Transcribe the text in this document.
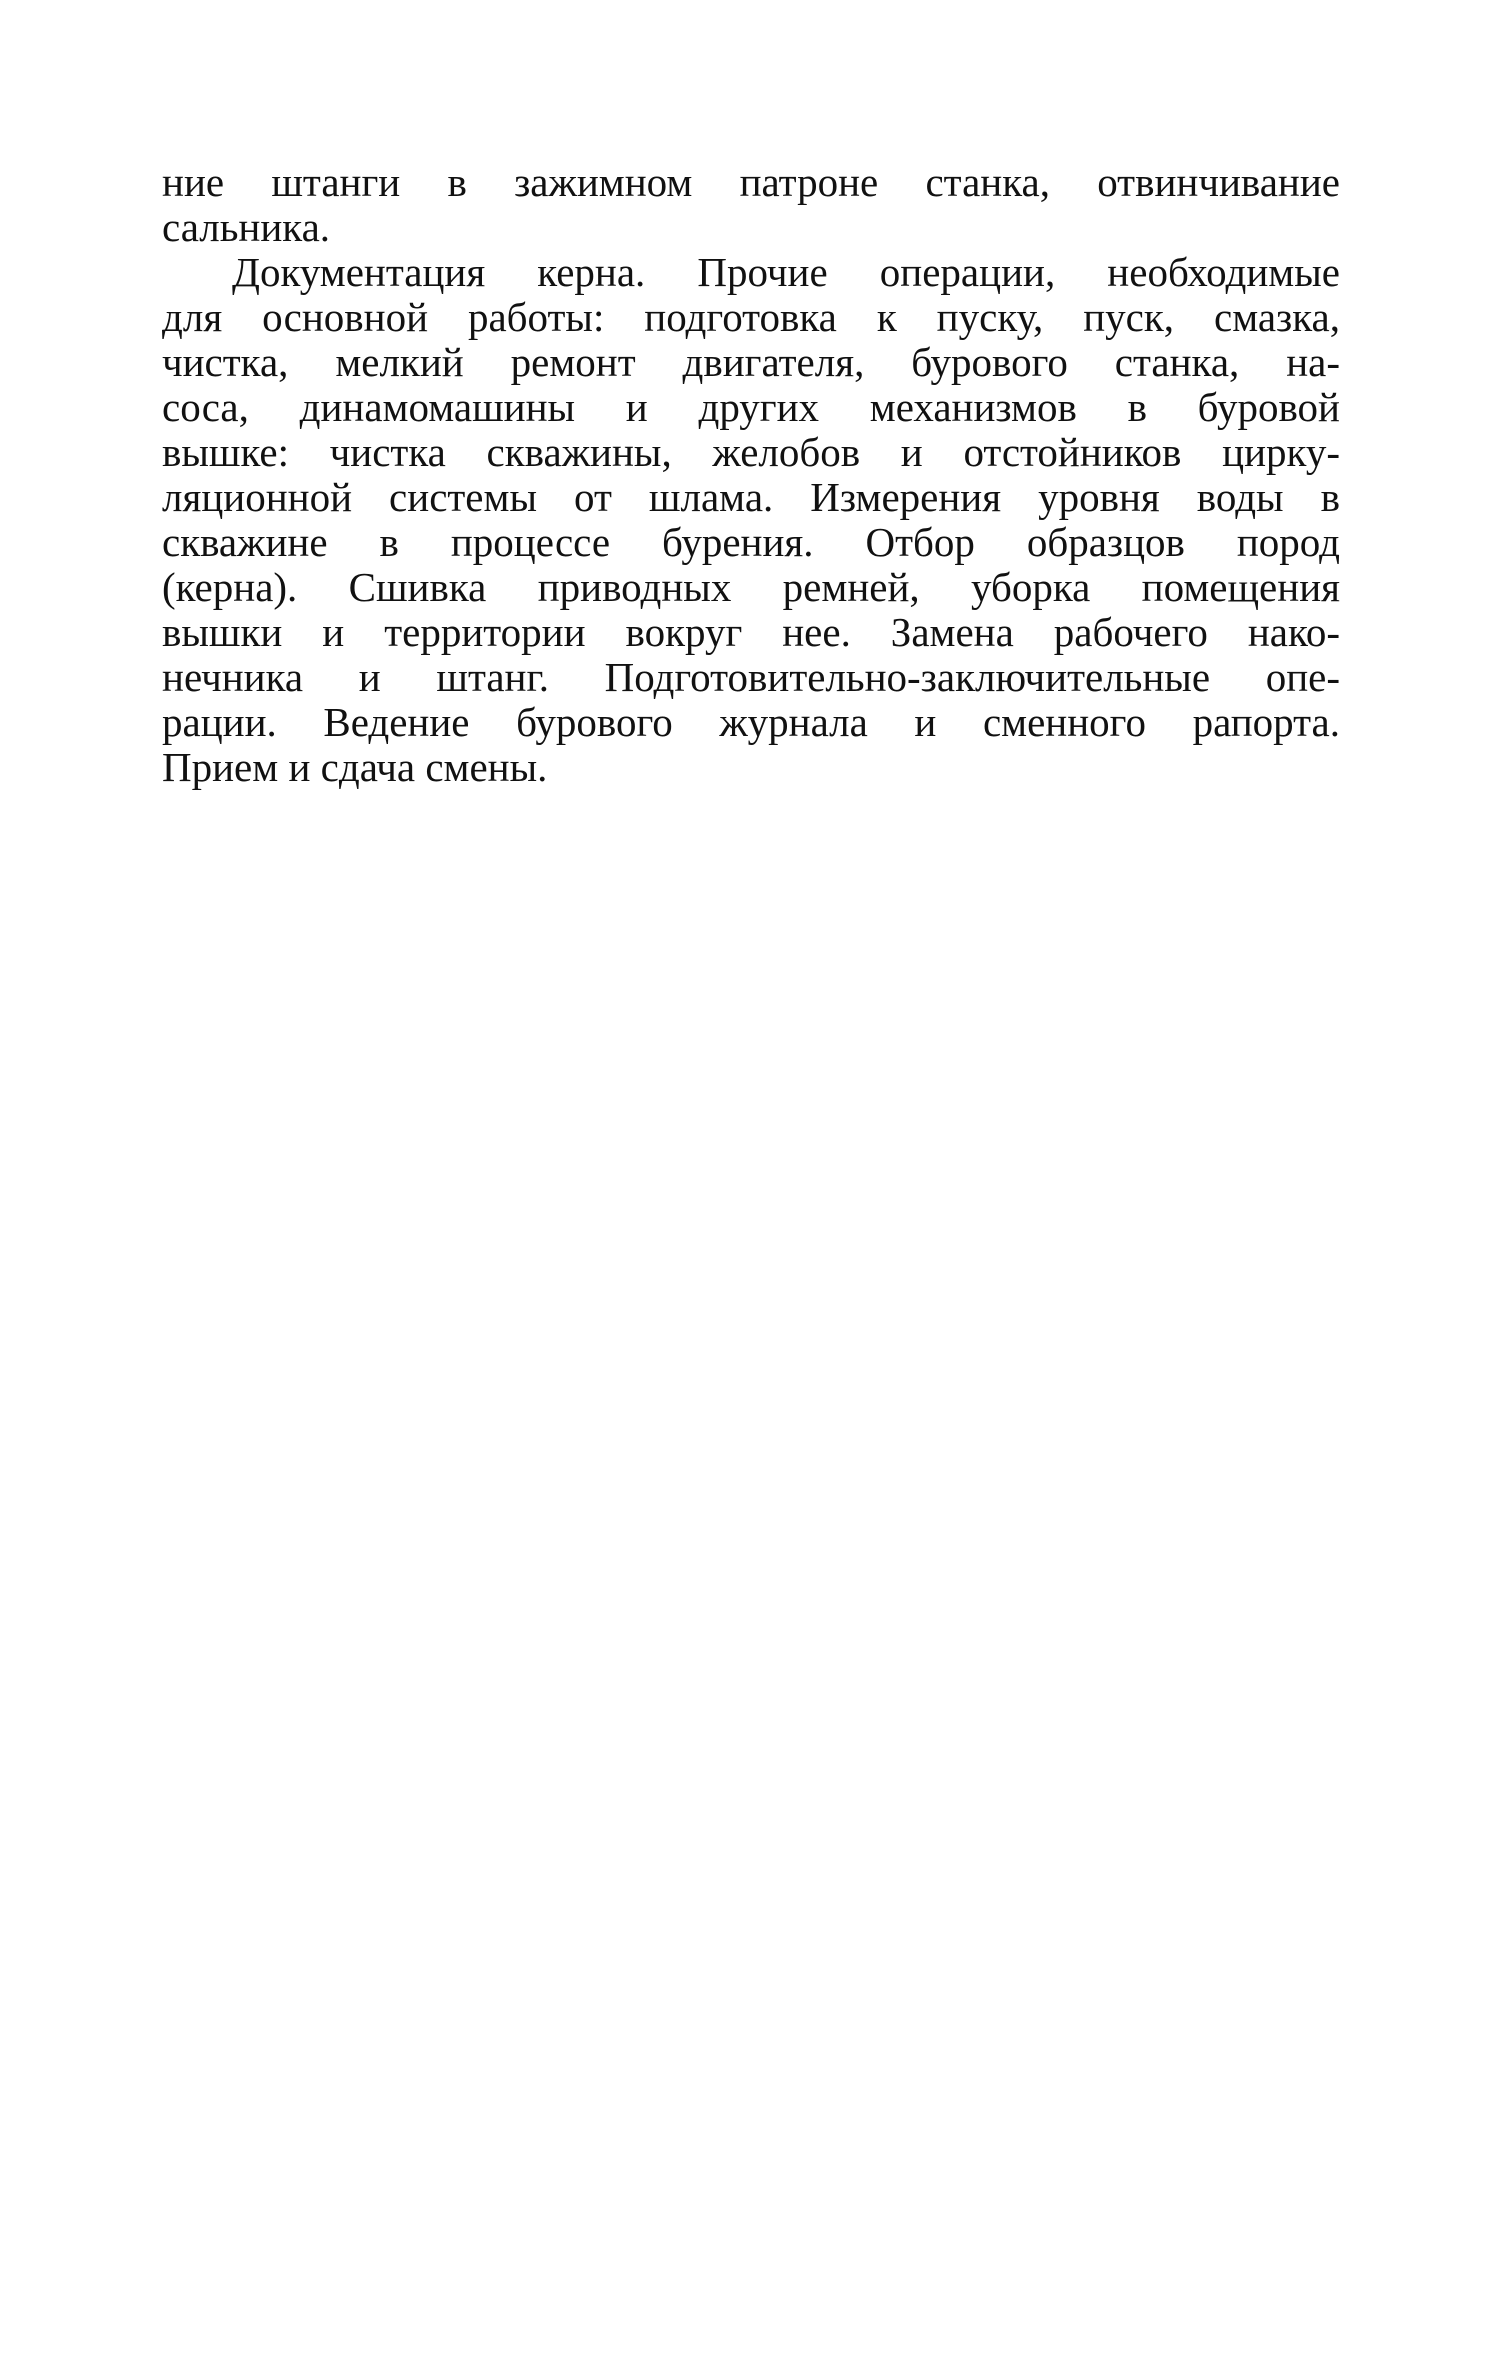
ние штанги в зажимном патроне станка, отвинчивание
сальника.
Документация керна. Прочие операции, необходимые
для основной работы: подготовка к пуску, пуск, смазка,
чистка, мелкий ремонт двигателя, бурового станка, на-
соса, динамомашины и других механизмов в буровой
вышке: чистка скважины, желобов и отстойников цирку-
ляционной системы от шлама. Измерения уровня воды в
скважине в процессе бурения. Отбор образцов пород
(керна). Сшивка приводных ремней, уборка помещения
вышки и территории вокруг нее. Замена рабочего нако-
нечника и штанг. Подготовительно-заключительные опе-
рации. Ведение бурового журнала и сменного рапорта.
Прием и сдача смены.
